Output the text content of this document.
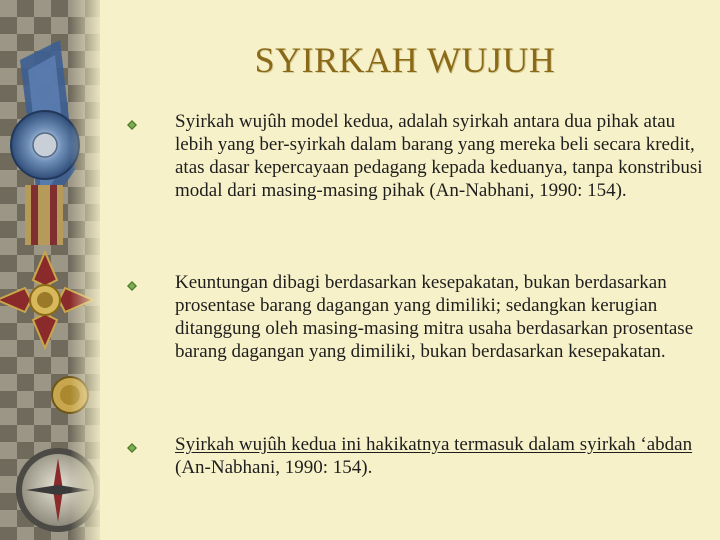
SYIRKAH WUJUH
Syirkah wujûh model kedua, adalah syirkah antara dua pihak atau lebih yang ber-syirkah dalam barang yang mereka beli secara kredit, atas dasar kepercayaan pedagang kepada keduanya, tanpa konstribusi modal dari masing-masing pihak (An-Nabhani, 1990: 154).
Keuntungan dibagi berdasarkan kesepakatan, bukan berdasarkan prosentase barang dagangan yang dimiliki; sedangkan kerugian ditanggung oleh masing-masing mitra usaha berdasarkan prosentase barang dagangan yang dimiliki, bukan berdasarkan kesepakatan.
Syirkah wujûh kedua ini hakikatnya termasuk dalam syirkah ‘abdan (An-Nabhani, 1990: 154).
